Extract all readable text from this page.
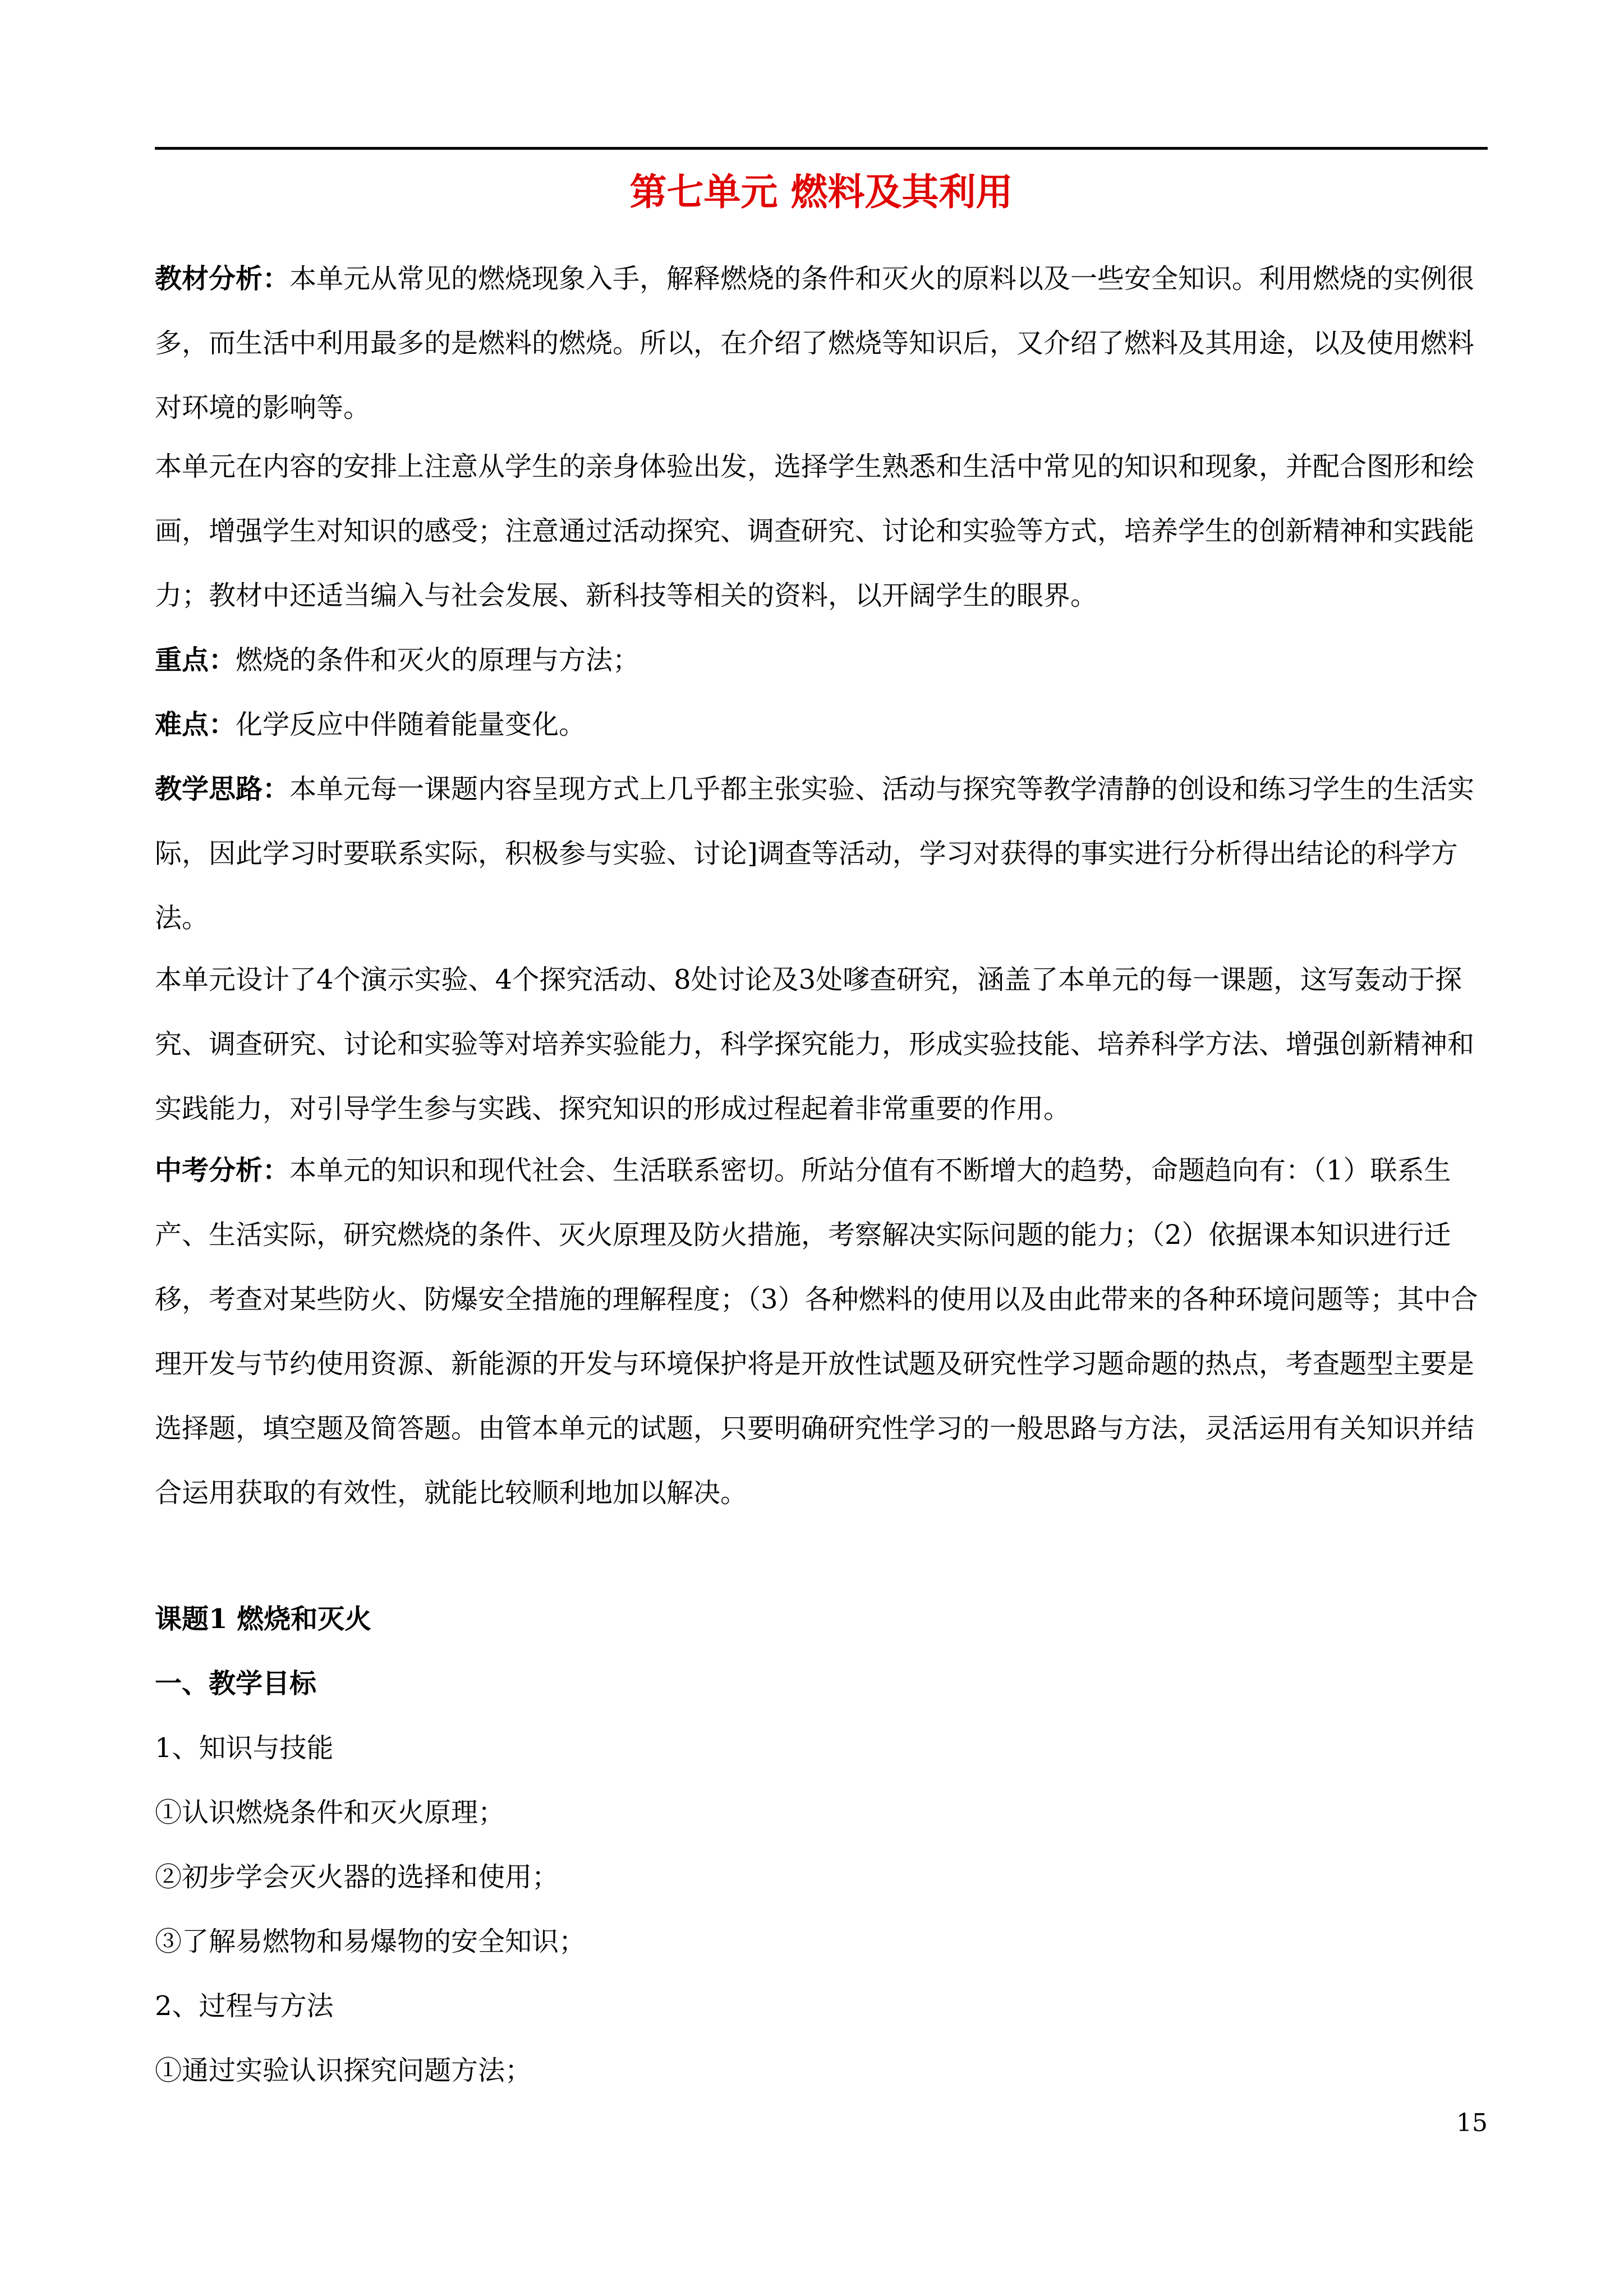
第七单元 燃料及其利用

教材分析：本单元从常见的燃烧现象入手，解释燃烧的条件和灭火的原料以及一些安全知识。利用燃烧的实例很多，而生活中利用最多的是燃料的燃烧。所以，在介绍了燃烧等知识后，又介绍了燃料及其用途，以及使用燃料对环境的影响等。

本单元在内容的安排上注意从学生的亲身体验出发，选择学生熟悉和生活中常见的知识和现象，并配合图形和绘画，增强学生对知识的感受；注意通过活动探究、调查研究、讨论和实验等方式，培养学生的创新精神和实践能力；教材中还适当编入与社会发展、新科技等相关的资料，以开阔学生的眼界。

重点：燃烧的条件和灭火的原理与方法；

难点：化学反应中伴随着能量变化。

教学思路：本单元每一课题内容呈现方式上几乎都主张实验、活动与探究等教学清静的创设和练习学生的生活实际，因此学习时要联系实际，积极参与实验、讨论]调查等活动，学习对获得的事实进行分析得出结论的科学方法。

本单元设计了4个演示实验、4个探究活动、8处讨论及3处嗲查研究，涵盖了本单元的每一课题，这写轰动于探究、调查研究、讨论和实验等对培养实验能力，科学探究能力，形成实验技能、培养科学方法、增强创新精神和实践能力，对引导学生参与实践、探究知识的形成过程起着非常重要的作用。

中考分析：本单元的知识和现代社会、生活联系密切。所站分值有不断增大的趋势，命题趋向有：（1）联系生产、生活实际，研究燃烧的条件、灭火原理及防火措施，考察解决实际问题的能力；（2）依据课本知识进行迁移，考查对某些防火、防爆安全措施的理解程度；（3）各种燃料的使用以及由此带来的各种环境问题等；其中合理开发与节约使用资源、新能源的开发与环境保护将是开放性试题及研究性学习题命题的热点，考查题型主要是选择题，填空题及简答题。由管本单元的试题，只要明确研究性学习的一般思路与方法，灵活运用有关知识并结合运用获取的有效性，就能比较顺利地加以解决。

课题1 燃烧和灭火

一、教学目标

1、知识与技能

①认识燃烧条件和灭火原理；

②初步学会灭火器的选择和使用；

③了解易燃物和易爆物的安全知识；

2、过程与方法

①通过实验认识探究问题方法；

15
